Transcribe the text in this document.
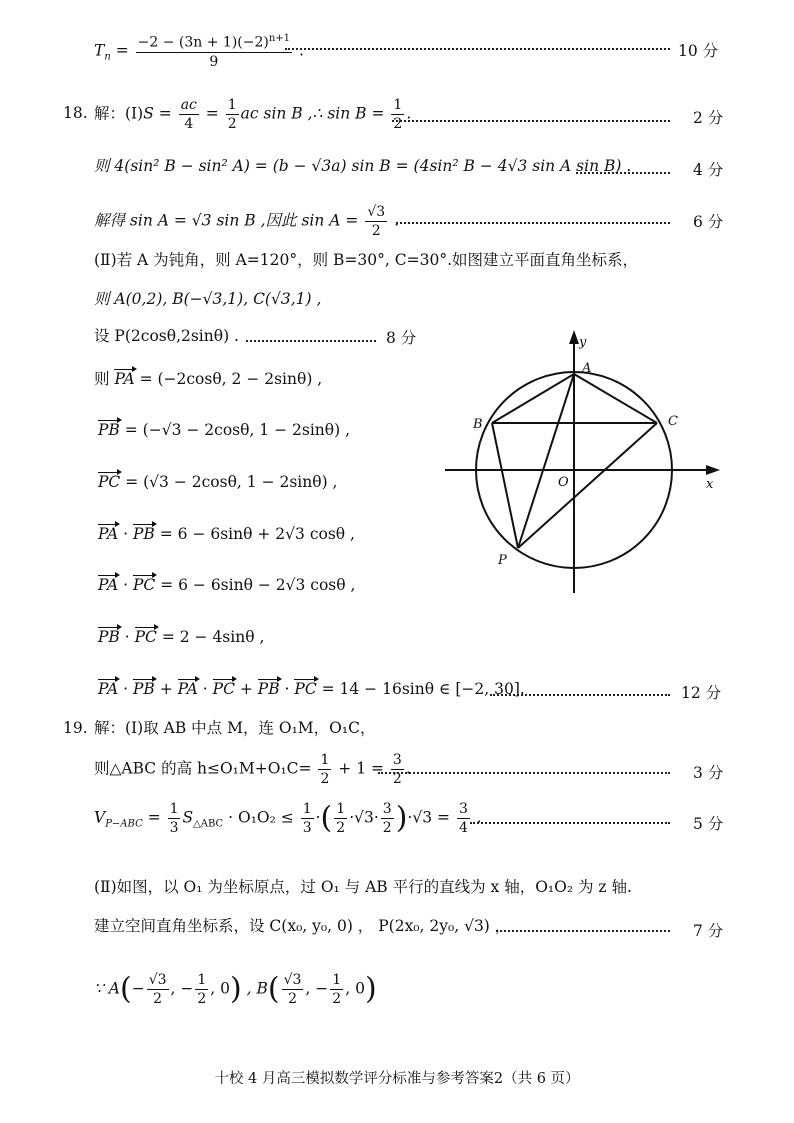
$T_n = \frac{-2 - (3n + 1)(-2)^{n+1}}{9}$ .	10 分
18. 解：(Ⅰ)S = $\frac{ac}{4} = \frac{1}{2}$ ac sin B ,∴ $\sin B = \frac{1}{2}$ .	2 分
则 4(sin² B − sin² A) = (b − √3a) sin B = (4sin² B − 4√3 sin A sin B) .	4 分
解得 sin A = √3 sin B ,因此 $\sin A = \frac{√3}{2}$ .	6 分
(Ⅱ)若 A 为钝角，则 A=120°，则 B=30°, C=30°.如图建立平面直角坐标系，
则 A(0,2), B(−√3,1), C(√3,1) ,
设 P(2cosθ,2sinθ) .	8 分
则 PA = (−2cosθ, 2 − 2sinθ) ,
PB = (−√3 − 2cosθ, 1 − 2sinθ) ,
PC = (√3 − 2cosθ, 1 − 2sinθ) ,
PA · PB = 6 − 6sinθ + 2√3 cosθ ,
PA · PC = 6 − 6sinθ − 2√3 cosθ ,
PB · PC = 2 − 4sinθ ,
PA · PB + PA · PC + PB · PC = 14 − 16sinθ ∈ [−2, 30].	12 分
y
x
A
B	C
O
P
19. 解：(Ⅰ)取 AB 中点 M，连 O₁M，O₁C，
则△ABC 的高 $h\le O_1M+O_1C= \frac{1}{2} + 1 = \frac{3}{2}$ .	3 分
$V_{P-ABC} = \frac{1}{3} S_{\triangle ABC} \cdot O_1O_2 \le \frac{1}{3}$ ·( $\frac{1}{2} \cdot√3\cdot \frac{3}{2} )\cdot√3 = \frac{3}{4}$ .	5 分
(Ⅱ)如图，以 O₁ 为坐标原点，过 O₁ 与 AB 平行的直线为 x 轴，O₁O₂ 为 z 轴.
建立空间直角坐标系，设 C(x₀, y₀, 0) ， P(2x₀, 2y₀, √3) ，	7 分
∵ $A(- \frac{√3}{2}$ , − $\frac{1}{2}$ , 0) , $B( \frac{√3}{2}$ , − $\frac{1}{2}$ , 0)
十校 4 月高三模拟数学评分标准与参考答案2（共 6 页）
